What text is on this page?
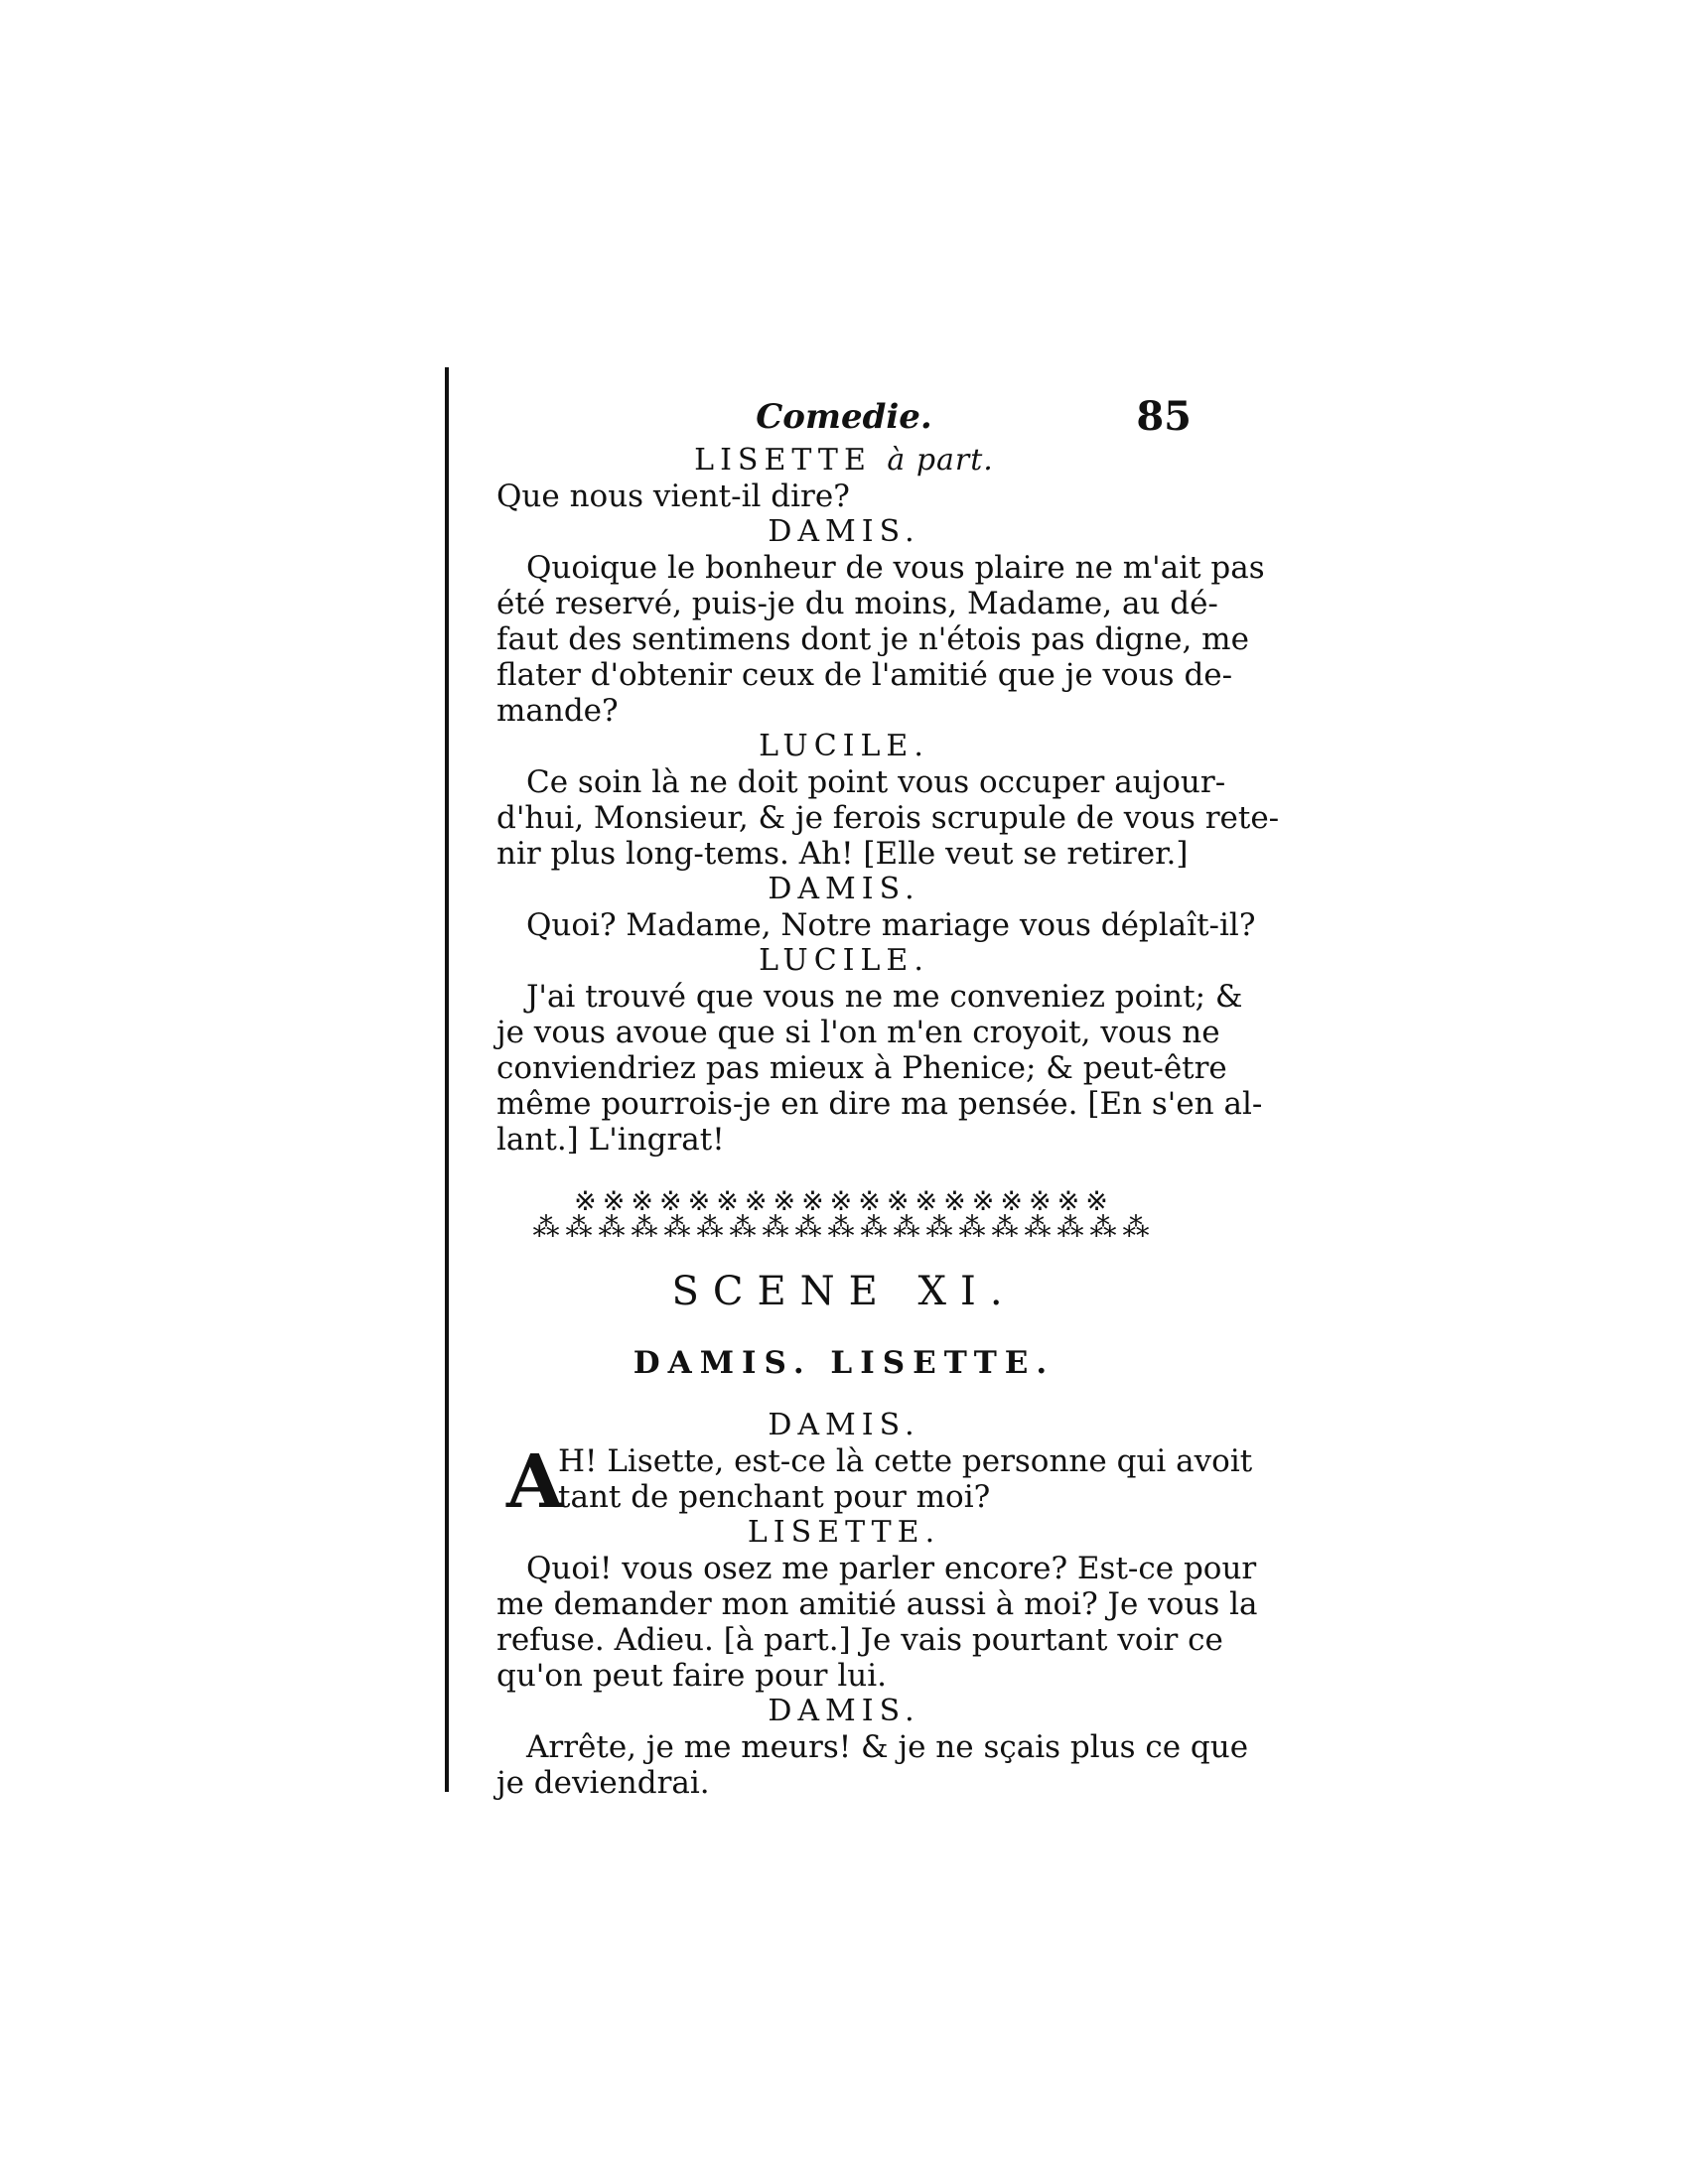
Comedie.	85
LISETTE à part.
Que nous vient-il dire?
DAMIS.
Quoique le bonheur de vous plaire ne m'ait pas
été reservé, puis-je du moins, Madame, au dé-
faut des sentimens dont je n'étois pas digne, me
flater d'obtenir ceux de l'amitié que je vous de-
mande?
LUCILE.
Ce soin là ne doit point vous occuper aujour-
d'hui, Monsieur, & je ferois scrupule de vous rete-
nir plus long-tems. Ah! [Elle veut se retirer.]
DAMIS.
Quoi? Madame, Notre mariage vous déplaît-il?
LUCILE.
J'ai trouvé que vous ne me conveniez point; &
je vous avoue que si l'on m'en croyoit, vous ne
conviendriez pas mieux à Phenice; & peut-être
même pourrois-je en dire ma pensée. [En s'en al-
lant.] L'ingrat!
※※※※※※※※※※※※※※※※※※※
⁂⁂⁂⁂⁂⁂⁂⁂⁂⁂⁂⁂⁂⁂⁂⁂⁂⁂⁂
SCENE XI.
DAMIS. LISETTE.
DAMIS.
A
H! Lisette, est-ce là cette personne qui avoit
tant de penchant pour moi?
LISETTE.
Quoi! vous osez me parler encore? Est-ce pour
me demander mon amitié aussi à moi? Je vous la
refuse. Adieu. [à part.] Je vais pourtant voir ce
qu'on peut faire pour lui.
DAMIS.
Arrête, je me meurs! & je ne sçais plus ce que
je deviendrai.
